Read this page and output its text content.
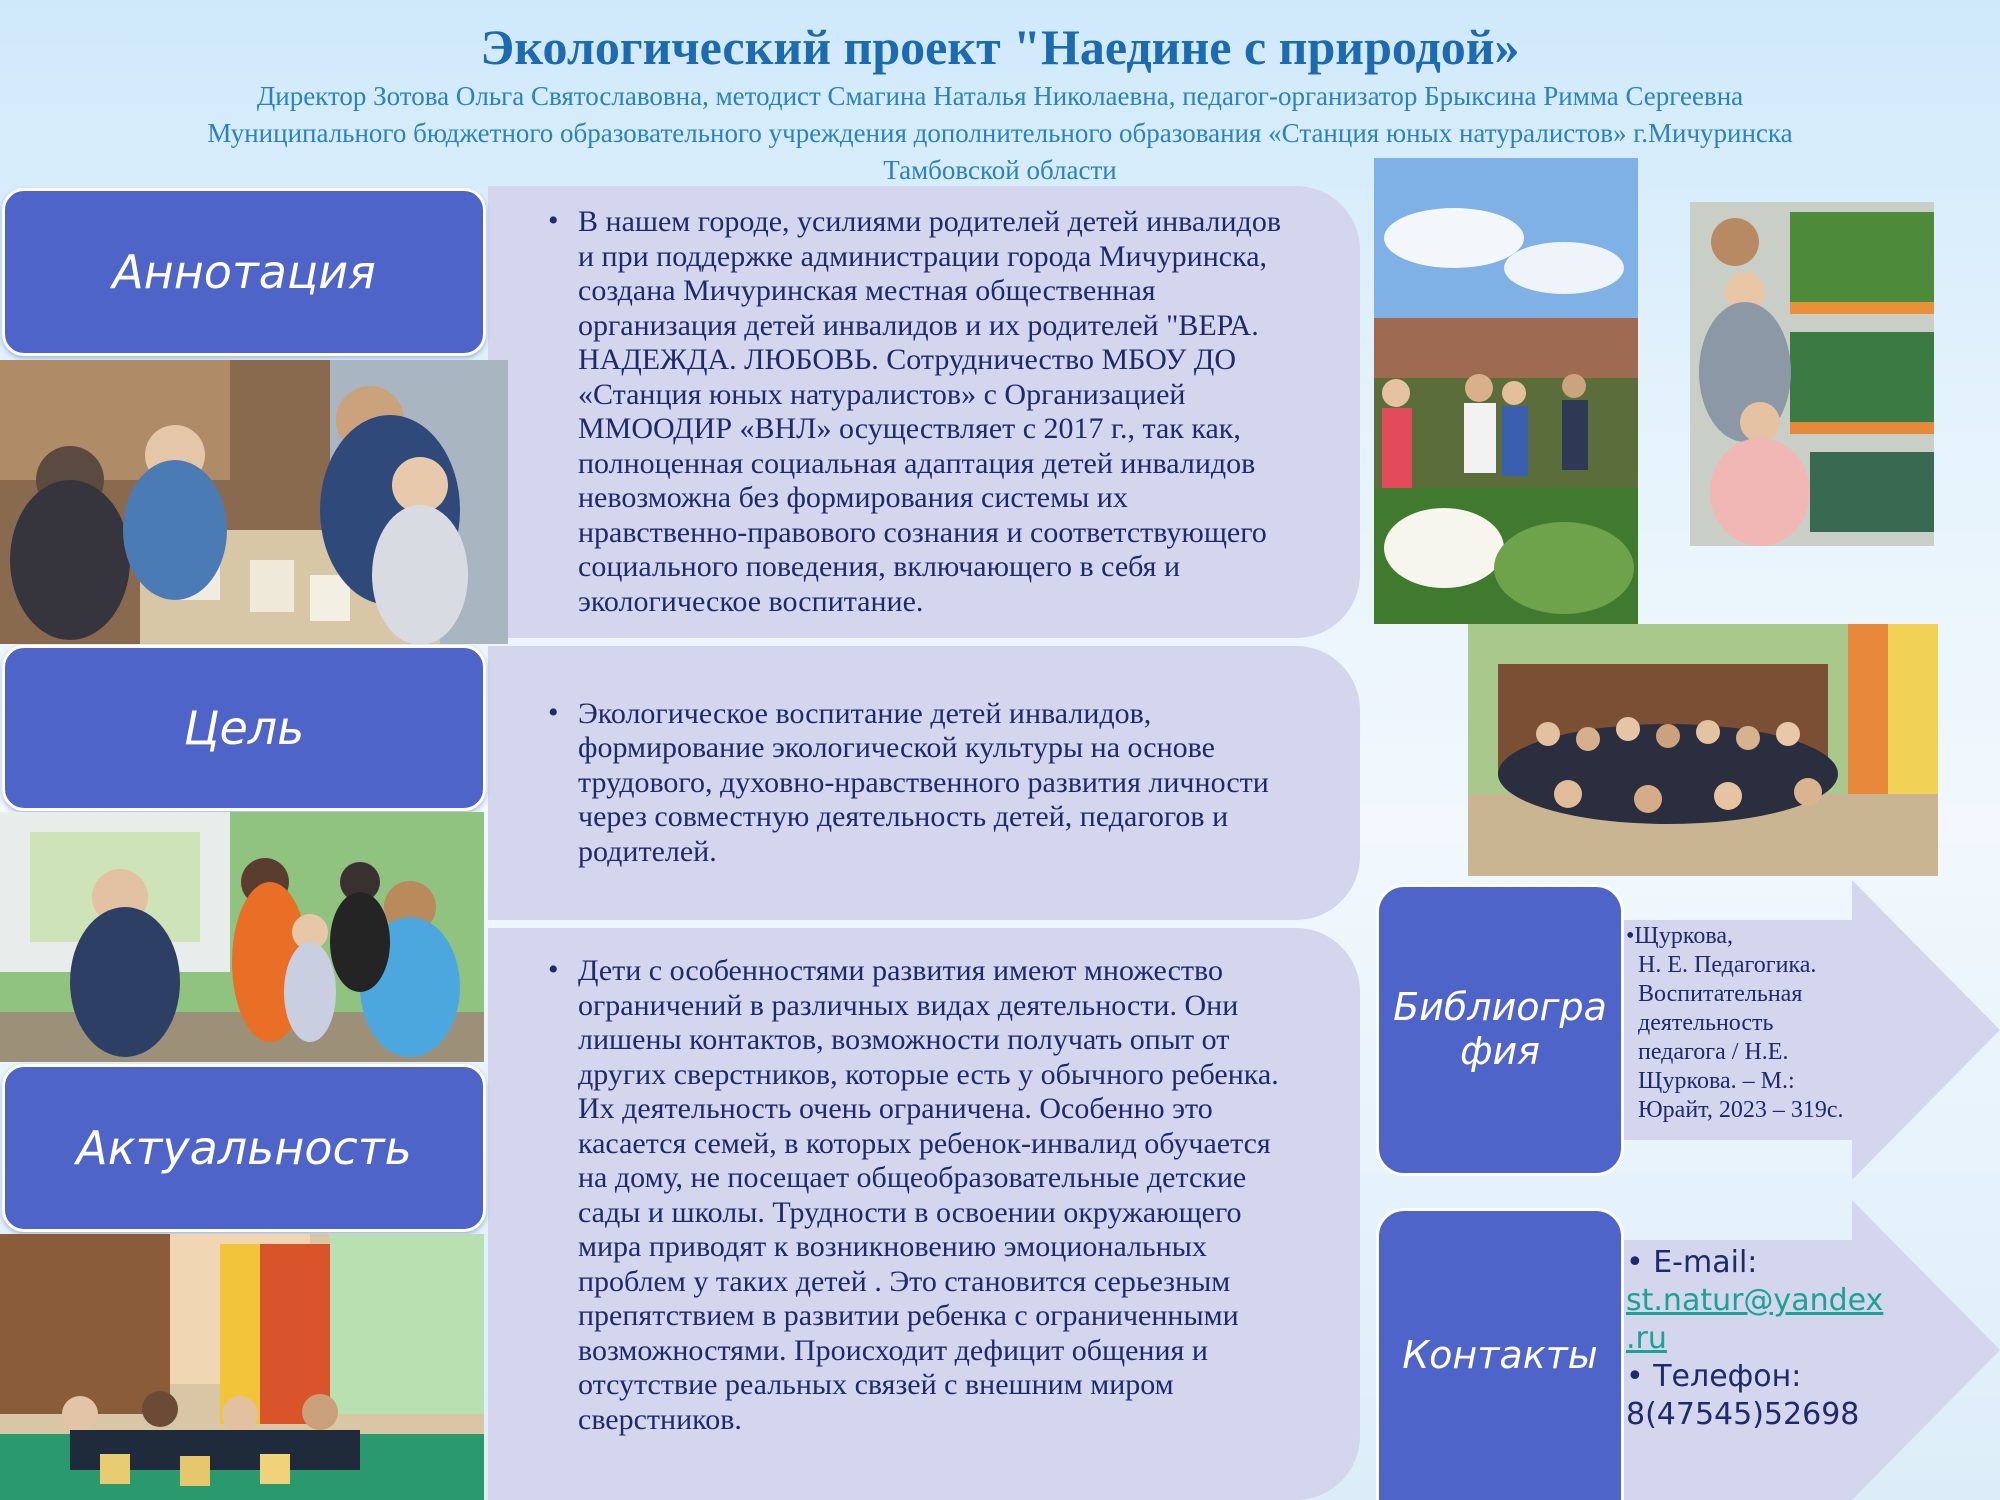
Экологический проект "Наедине с природой»
Директор Зотова Ольга Святославовна, методист Смагина Наталья Николаевна, педагог-организатор Брыксина Римма Сергеевна
Муниципального бюджетного образовательного учреждения дополнительного образования «Станция юных натуралистов» г.Мичуринска
Тамбовской области
• В нашем городе, усилиями родителей детей инвалидов и при поддержке администрации города Мичуринска, создана Мичуринская местная общественная организация детей инвалидов и их родителей "ВЕРА. НАДЕЖДА. ЛЮБОВЬ. Сотрудничество МБОУ ДО «Станция юных натуралистов» с Организацией ММООДИР «ВНЛ» осуществляет с 2017 г., так как, полноценная социальная адаптация детей инвалидов невозможна без формирования системы их нравственно-правового сознания и соответствующего социального поведения, включающего в себя и экологическое воспитание.
Аннотация
• Экологическое воспитание детей инвалидов, формирование экологической культуры на основе трудового, духовно-нравственного развития личности через совместную деятельность детей, педагогов и родителей.
Цель
• Дети с особенностями развития имеют множество ограничений в различных видах деятельности. Они лишены контактов, возможности получать опыт от других сверстников, которые есть у обычного ребенка. Их деятельность очень ограничена. Особенно это касается семей, в которых ребенок-инвалид обучается на дому, не посещает общеобразовательные детские сады и школы. Трудности в освоении окружающего мира приводят к возникновению эмоциональных проблем у таких детей . Это становится серьезным препятствием в развитии ребенка с ограниченными возможностями. Происходит дефицит общения и отсутствие реальных связей с внешним миром сверстников.
Актуальность
•Щуркова,
Н. Е. Педагогика.
Воспитательная
деятельность
педагога / Н.Е.
Щуркова. – М.:
Юрайт, 2023 – 319с.
Библиогра
фия
• E-mail:
st.natur@yandex
.ru
• Телефон:
8(47545)52698
Контакты
